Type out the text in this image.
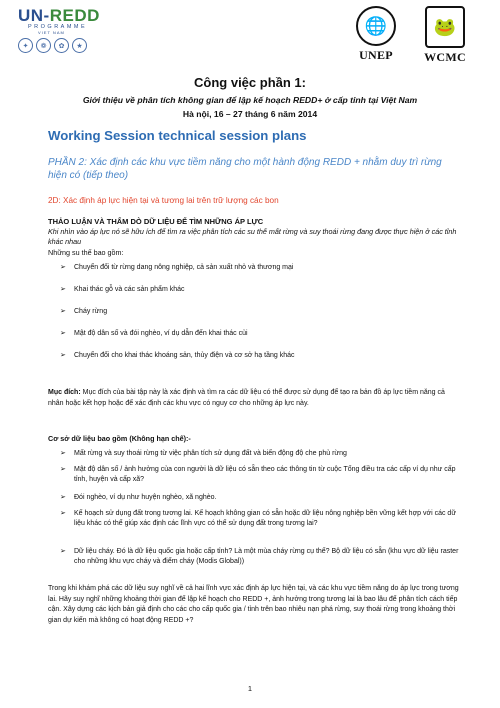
UN-REDD
PROGRAMME
VIET NAM
✦	❁	✿	★
🌐
UNEP
🐸
WCMC
Công việc phần 1:
Giới thiệu về phân tích không gian để lập kế hoạch REDD+ ở cấp tỉnh tại Việt Nam
Hà nội, 16 – 27 tháng 6 năm 2014
Working Session technical session plans
PHẦN 2: Xác định các khu vực tiềm năng cho một hành động REDD + nhằm duy trì rừng hiện có (tiếp theo)
2D: Xác định áp lực hiện tại và tương lai trên trữ lượng các bon
THẢO LUẬN VÀ THẨM DÒ DỮ LIỆU ĐỂ TÌM NHỮNG ÁP LỰC
Khi nhìn vào áp lực nó sẽ hữu ích để tìm ra việc phân tích các su thế mất rừng và suy thoái rừng đang được thực hiện ở các tỉnh khác nhau
Những su thế bao gồm:
➢ Chuyển đổi từ rừng dang nông nghiệp, cả sản xuất nhỏ và thương mại
➢ Khai thác gỗ và các sản phẩm khác
➢ Cháy rừng
➢ Mật độ dân số và đói nghèo, ví dụ dẫn đến khai thác củi
➢ Chuyển đổi cho khai thác khoáng sản, thủy điện và cơ sở hạ tầng khác
Mục đích: Mục đích của bài tập này là xác định và tìm ra các dữ liệu có thể được sử dụng để tạo ra bản đồ áp lực tiềm năng cả nhân hoặc kết hợp hoặc để xác định các khu vực có nguy cơ cho những áp lực này.
Cơ sở dữ liệu bao gồm (Không hạn chế):-
➢ Mất rừng và suy thoái rừng từ việc phân tích sử dụng đất và biến động độ che phủ rừng
➢ Mật độ dân số / ảnh hưởng của con người là dữ liệu có sẵn theo các thông tin từ cuộc Tổng điều tra các cấp ví dụ như cấp tỉnh, huyện và cấp xã?
➢ Đói nghèo, ví dụ như huyện nghèo, xã nghèo.
➢ Kế hoạch sử dụng đất trong tương lai. Kế hoạch không gian có sẵn hoặc dữ liệu nông nghiệp bền vững kết hợp với các dữ liệu khác có thể giúp xác định các lĩnh vực có thể sử dụng đất trong tương lai?
➢ Dữ liệu cháy. Đó là dữ liệu quốc gia hoặc cấp tỉnh? Là một mùa cháy rừng cụ thể? Bộ dữ liệu có sẵn (khu vực dữ liệu raster cho những khu vực cháy và điểm cháy (Modis Global))
Trong khi khám phá các dữ liệu suy nghĩ về cả hai lĩnh vực xác định áp lực hiện tại, và các khu vực tiềm năng do áp lực trong tương lai. Hãy suy nghĩ những khoảng thời gian để lập kế hoạch cho REDD +, ảnh hưởng trong tương lai là bao lâu để phân tích cách tiếp cận. Xây dựng các kịch bản giả định cho các cho cấp quốc gia / tỉnh trên bao nhiêu nạn phá rừng, suy thoái rừng trong khoảng thời gian dự kiến mà không có hoạt động REDD +?
1
